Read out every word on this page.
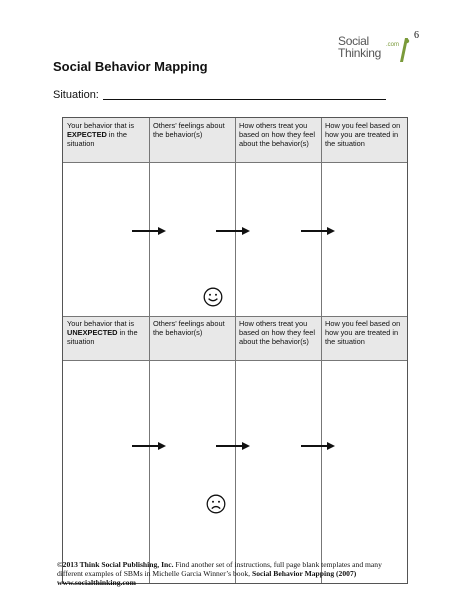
6
Social
Thinking
.com
Social Behavior Mapping
Situation:
Your behavior that is EXPECTED in the situation
Others’ feelings about the behavior(s)
How others treat you based on how they feel about the behavior(s)
How you feel based on how you are treated in the situation
Your behavior that is UNEXPECTED in the situation
Others’ feelings about the behavior(s)
How others treat you based on how they feel about the behavior(s)
How you feel based on how you are treated in the situation
©2013 Think Social Publishing, Inc. Find another set of instructions, full page blank templates and many
different examples of SBMs in Michelle Garcia Winner’s book, Social Behavior Mapping (2007)
www.socialthinking.com
